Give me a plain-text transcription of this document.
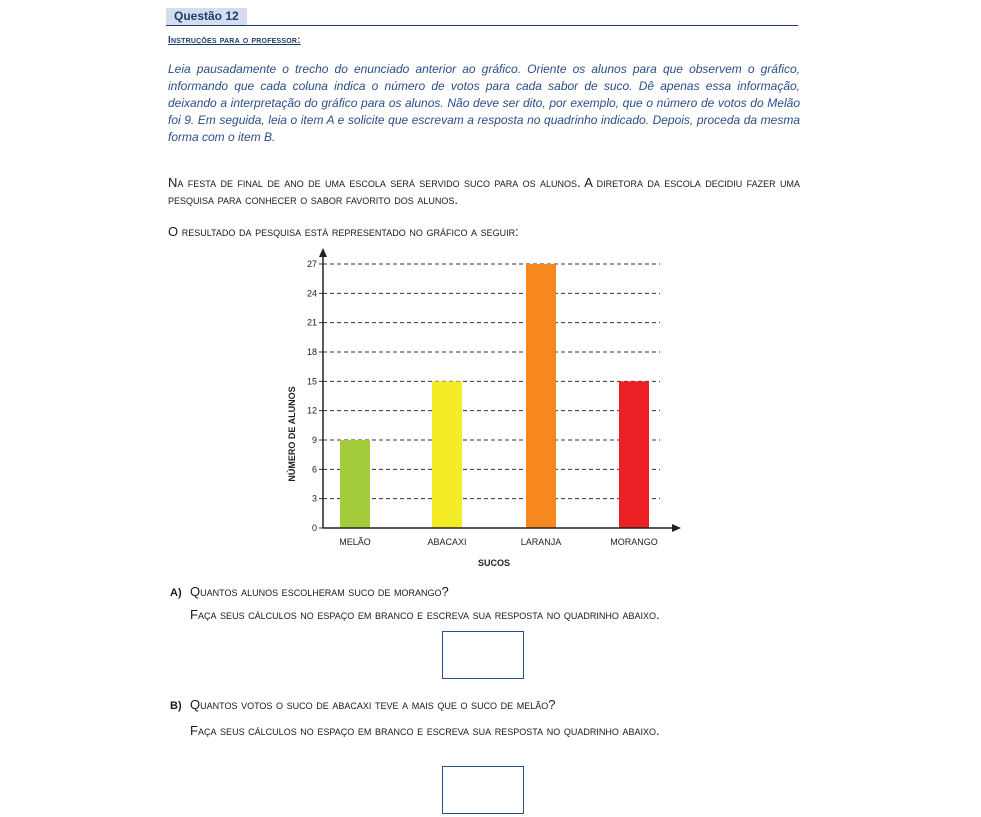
Questão 12
Instruções para o professor:
Leia pausadamente o trecho do enunciado anterior ao gráfico. Oriente os alunos para que observem o gráfico, informando que cada coluna indica o número de votos para cada sabor de suco. Dê apenas essa informação, deixando a interpretação do gráfico para os alunos. Não deve ser dito, por exemplo, que o número de votos do Melão foi 9. Em seguida, leia o item A e solicite que escrevam a resposta no quadrinho indicado. Depois, proceda da mesma forma com o item B.
Na festa de final de ano de uma escola será servido suco para os alunos. A diretora da escola decidiu fazer uma pesquisa para conhecer o sabor favorito dos alunos.
O resultado da pesquisa está representado no gráfico a seguir:
0
3
6
9
12
15
18
21
24
27
MELÃO	ABACAXI	LARANJA	MORANGO
SUCOS
NÚMERO DE ALUNOS
A) Quantos alunos escolheram suco de morango?
Faça seus cálculos no espaço em branco e escreva sua resposta no quadrinho abaixo.
B) Quantos votos o suco de abacaxi teve a mais que o suco de melão?
Faça seus cálculos no espaço em branco e escreva sua resposta no quadrinho abaixo.
